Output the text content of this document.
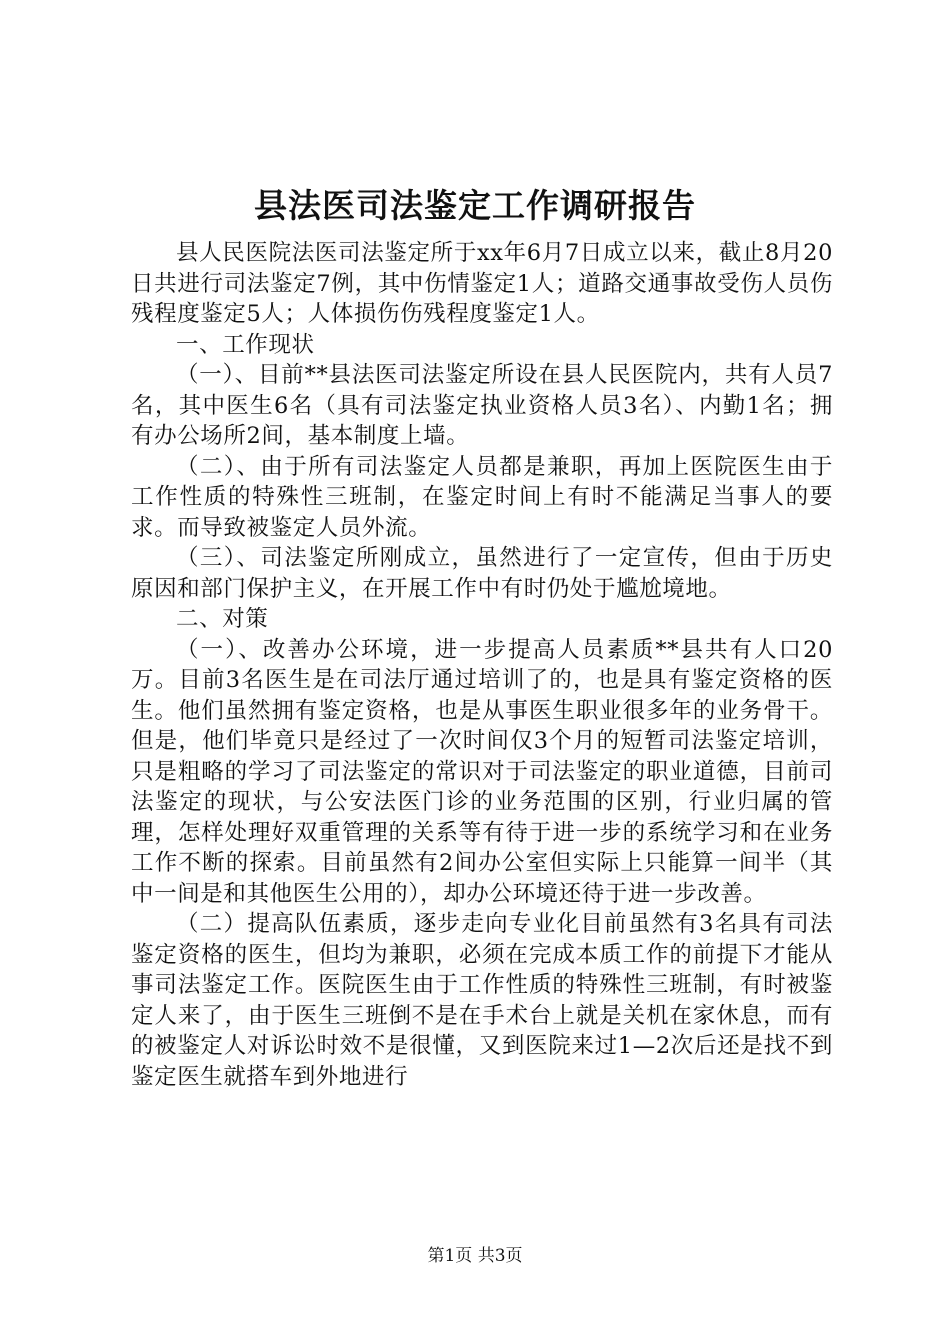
县法医司法鉴定工作调研报告

县人民医院法医司法鉴定所于xx年6月7日成立以来，截止8月20日共进行司法鉴定7例，其中伤情鉴定1人；道路交通事故受伤人员伤残程度鉴定5人；人体损伤伤残程度鉴定1人。

一、工作现状

（一）、目前**县法医司法鉴定所设在县人民医院内，共有人员7名，其中医生6名（具有司法鉴定执业资格人员3名）、内勤1名；拥有办公场所2间，基本制度上墙。

（二）、由于所有司法鉴定人员都是兼职，再加上医院医生由于工作性质的特殊性三班制，在鉴定时间上有时不能满足当事人的要求。而导致被鉴定人员外流。

（三）、司法鉴定所刚成立，虽然进行了一定宣传，但由于历史原因和部门保护主义，在开展工作中有时仍处于尴尬境地。

二、对策

（一）、改善办公环境，进一步提高人员素质**县共有人口20万。目前3名医生是在司法厅通过培训了的，也是具有鉴定资格的医生。他们虽然拥有鉴定资格，也是从事医生职业很多年的业务骨干。但是，他们毕竟只是经过了一次时间仅3个月的短暂司法鉴定培训，只是粗略的学习了司法鉴定的常识对于司法鉴定的职业道德，目前司法鉴定的现状，与公安法医门诊的业务范围的区别，行业归属的管理，怎样处理好双重管理的关系等有待于进一步的系统学习和在业务工作不断的探索。目前虽然有2间办公室但实际上只能算一间半（其中一间是和其他医生公用的），却办公环境还待于进一步改善。

（二）提高队伍素质，逐步走向专业化目前虽然有3名具有司法鉴定资格的医生，但均为兼职，必须在完成本质工作的前提下才能从事司法鉴定工作。医院医生由于工作性质的特殊性三班制，有时被鉴定人来了，由于医生三班倒不是在手术台上就是关机在家休息，而有的被鉴定人对诉讼时效不是很懂，又到医院来过1—2次后还是找不到鉴定医生就搭车到外地进行

第1页 共3页
